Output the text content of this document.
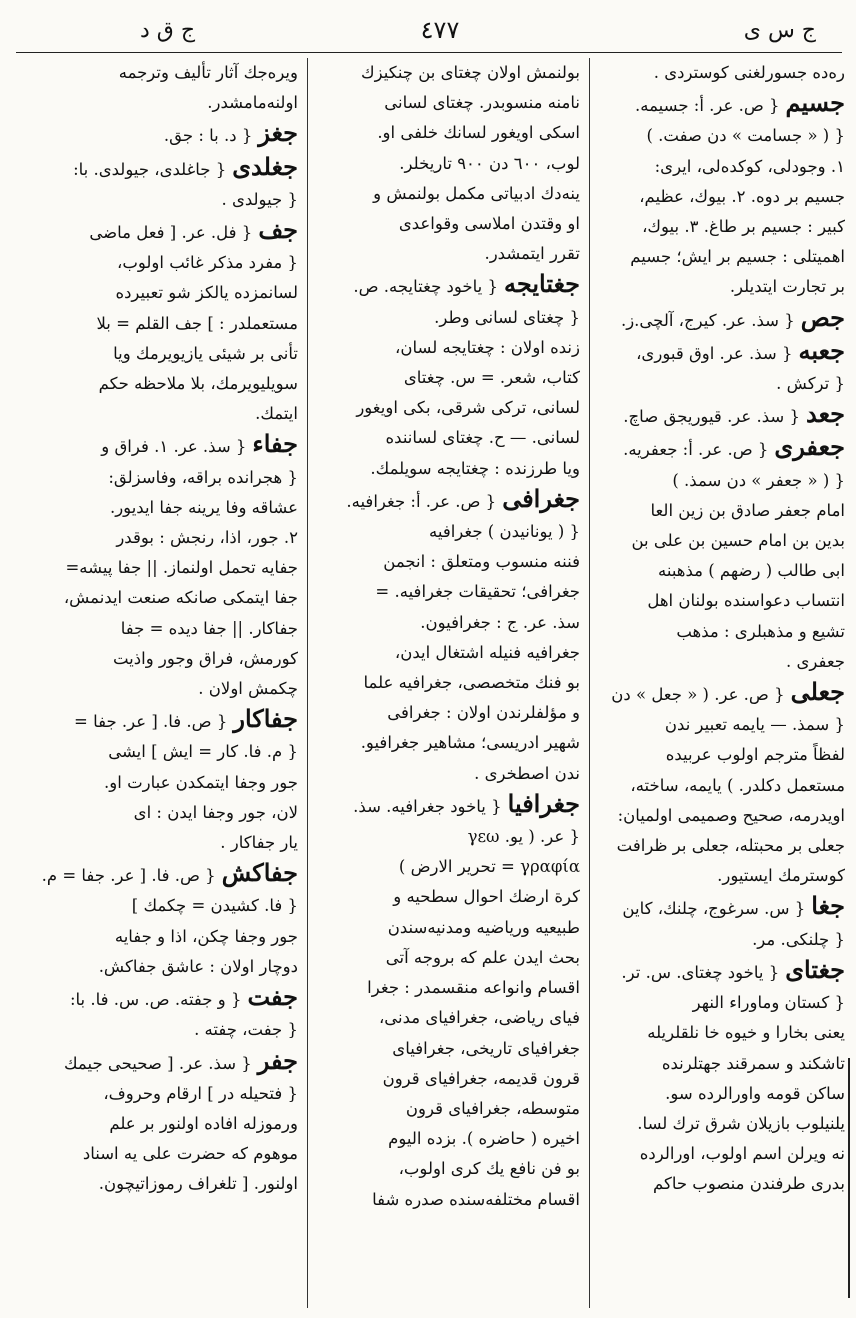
ج ق د	٤٧٧	ج س ى
رەدە جسورلغنى كوستردى .
جسیم{ ص. عر. أ: جسیمە.
{ ( « جسامت » دن صفت. )
١. وجودلى، كوكدەلى، ايرى:
جسيم بر دوە. ٢. بيوك، عظيم،
كبير : جسیم بر طاغ. ٣. بيوك،
اهمیتلى : جسیم بر ایش؛ جسیم
بر تجارت ایتدیلر.
جص{ سذ. عر. كيرج، آلچی.ز.
جعبه{ سذ. عر. اوق قبورى،
{ تركش .
جعد{ سذ. عر. قيوريجق صاچ.
جعفرى{ ص. عر. أ: جعفريە.
{ ( « جعفر » دن سمذ. )
امام جعفر صادق بن زين العا
بدين بن امام حسين بن على بن
ابى طالب ( رضهم ) مذهبنه
انتساب دعواسندە بولنان اهل
تشيع و مذهبلرى : مذهب
جعفرى .
جعلى{ ص. عر. ( « جعل » دن
{ سمذ. — يايمه تعبير ندن
لفظاً مترجم اولوب عربيده
مستعمل دكلدر. ) يايمه، ساختە،
اويدرمه، صحيح وصميمى اولميان:
جعلى بر محبتله، جعلى بر ظرافت
كوسترمك ايستيور.
جغا{ س. سرغوج، چلنك، كاين
{ چلنكى. مر.
جغتاى{ ياخود چغتاى. س. تر.
{ كستان وماوراء النهر
يعنى بخارا و خيوه خا نلقلريله
تاشكند و سمرقند جهتلرندە
ساكن قومه واورالردە سو.
يلنيلوب بازيلان شرق ترك لسا.
نه ويرلن اسم اولوب، اورالردە
بدرى طرفندن منصوب حاكم
بولنمش اولان چغتاى بن چنكيزك
نامنه منسوبدر. چغتاى لسانى
اسكى اويغور لسانك خلفى او.
لوب، ٦٠٠ دن ٩٠٠ تاريخلر.
ينەدك ادبياتى مكمل بولنمش و
او وقتدن املاسى وقواعدى
تقرر ايتمشدر.
جغتايجه{ ياخود چغتايجه. ص.
{ چغتاى لسانى وطر.
زنده اولان : چغتايجه لسان،
كتاب، شعر. = س. چغتاى
لسانى، تركى شرقى، بكى اويغور
لسانى. — ح. چغتاى لساننده
ويا طرزندە : چغتايجه سويلمك.
جغرافى{ ص. عر. أ: جغرافيه.
{ ( يونانيدن ) جغرافيه
فننه منسوب ومتعلق : انجمن
جغرافى؛ تحقيقات جغرافيه. =
سذ. عر. ج : جغرافيون.
جغرافيه فنيله اشتغال ايدن،
بو فنك متخصصى، جغرافيه علما
و مؤلفلرندن اولان : جغرافى
شهير ادريسى؛ مشاهير جغرافيو.
ندن اصطخرى .
جغرافيا{ ياخود جغرافيه. سذ.
{ عر. ( يو. γεω
γραφία = تحرير الارض )
كرة ارضك احوال سطحيه و
طبيعيه ورياضيه ومدنيەسندن
بحث ايدن علم كه بروجه آتى
اقسام وانواعه منقسمدر : جغرا
فياى رياضى، جغرافياى مدنى،
جغرافياى تاريخى، جغرافياى
قرون قديمه، جغرافياى قرون
متوسطه، جغرافياى قرون
اخيره ( حاضره ). بزده اليوم
بو فن نافع يك كرى اولوب،
اقسام مختلفەسندە صدره شفا
ويرەجك آثار تأليف وترجمه
اولنەمامشدر.
جغز{ د. با : جق.
جغلدى{ جاغلدى، جيولدى. با:
{ جيولدى .
جف{ فل. عر. [ فعل ماضى
{ مفرد مذكر غائب اولوب،
لسانمزدە يالكز شو تعبيردە
مستعملدر : ] جف القلم = بلا
تأنى بر شيئى يازيويرمك ويا
سويليويرمك، بلا ملاحظه حكم
ايتمك.
جفاء{ سذ. عر. ١. فراق و
{ هجرانده براقه، وفاسزلق:
عشاقه وفا يرينه جفا ايديور.
٢. جور، اذا، رنجش : بوقدر
جفايه تحمل اولنماز. || جفا پيشه=
جفا ايتمكى صانكه صنعت ايدنمش،
جفاكار. || جفا ديده = جفا
كورمش، فراق وجور واذيت
چكمش اولان .
جفاكار{ ص. فا. [ عر. جفا =
{ م. فا. كار = ايش ] ايشى
جور وجفا ايتمكدن عبارت او.
لان، جور وجفا ايدن : اى
يار جفاكار .
جفاكش{ ص. فا. [ عر. جفا = م.
{ فا. كشيدن = چكمك ]
جور وجفا چكن، اذا و جفايه
دوچار اولان : عاشق جفاكش.
جفت{ و جفته. ص. س. فا. با:
{ جفت، چفته .
جفر{ سذ. عر. [ صحيحى جيمك
{ فتحيله در ] ارقام وحروف،
ورموزله افاده اولنور بر علم
موهوم كه حضرت على يه اسناد
اولنور. [ تلغراف رموزاتيچون.
